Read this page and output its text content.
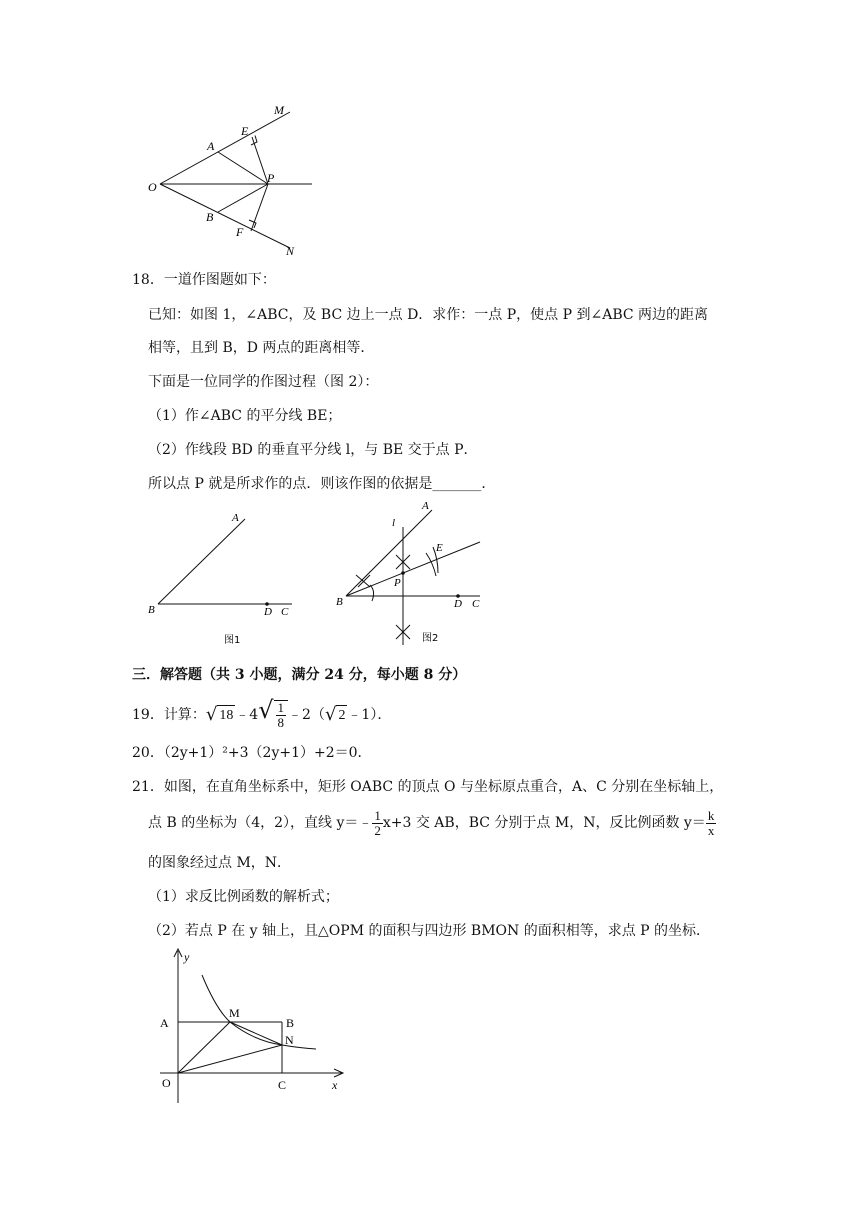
M
E
A
O
P
B
F
N
18．一道作图题如下：
已知：如图 1，∠ABC，及 BC 边上一点 D．求作：一点 P，使点 P 到∠ABC 两边的距离
相等，且到 B，D 两点的距离相等．
下面是一位同学的作图过程（图 2）：
（1）作∠ABC 的平分线 BE；
（2）作线段 BD 的垂直平分线 l，与 BE 交于点 P．
所以点 P 就是所求作的点．则该作图的依据是_______．
A
B	D C
图1
l
A
E
P
B	D C
图2
三．解答题（共 3 小题，满分 24 分，每小题 8 分）
19． 计算： √ 18 ﹣4 √ $\frac{1}{8}$ ﹣2（ √ 2 ﹣1）．
20．（2y+1）²+3（2y+1）+2＝0．
21．如图，在直角坐标系中，矩形 OABC 的顶点 O 与坐标原点重合，A、C 分别在坐标轴上，
点 B 的坐标为（4，2），直线 y＝﹣ $\frac{1}{2} x+3$ 交 AB，BC 分别于点 M，N，反比例函数 $y= \frac{k}{x}$
的图象经过点 M，N．
（1）求反比例函数的解析式；
（2）若点 P 在 y 轴上，且△OPM 的面积与四边形 BMON 的面积相等，求点 P 的坐标．
y
A
M
B
N
O	C	x
